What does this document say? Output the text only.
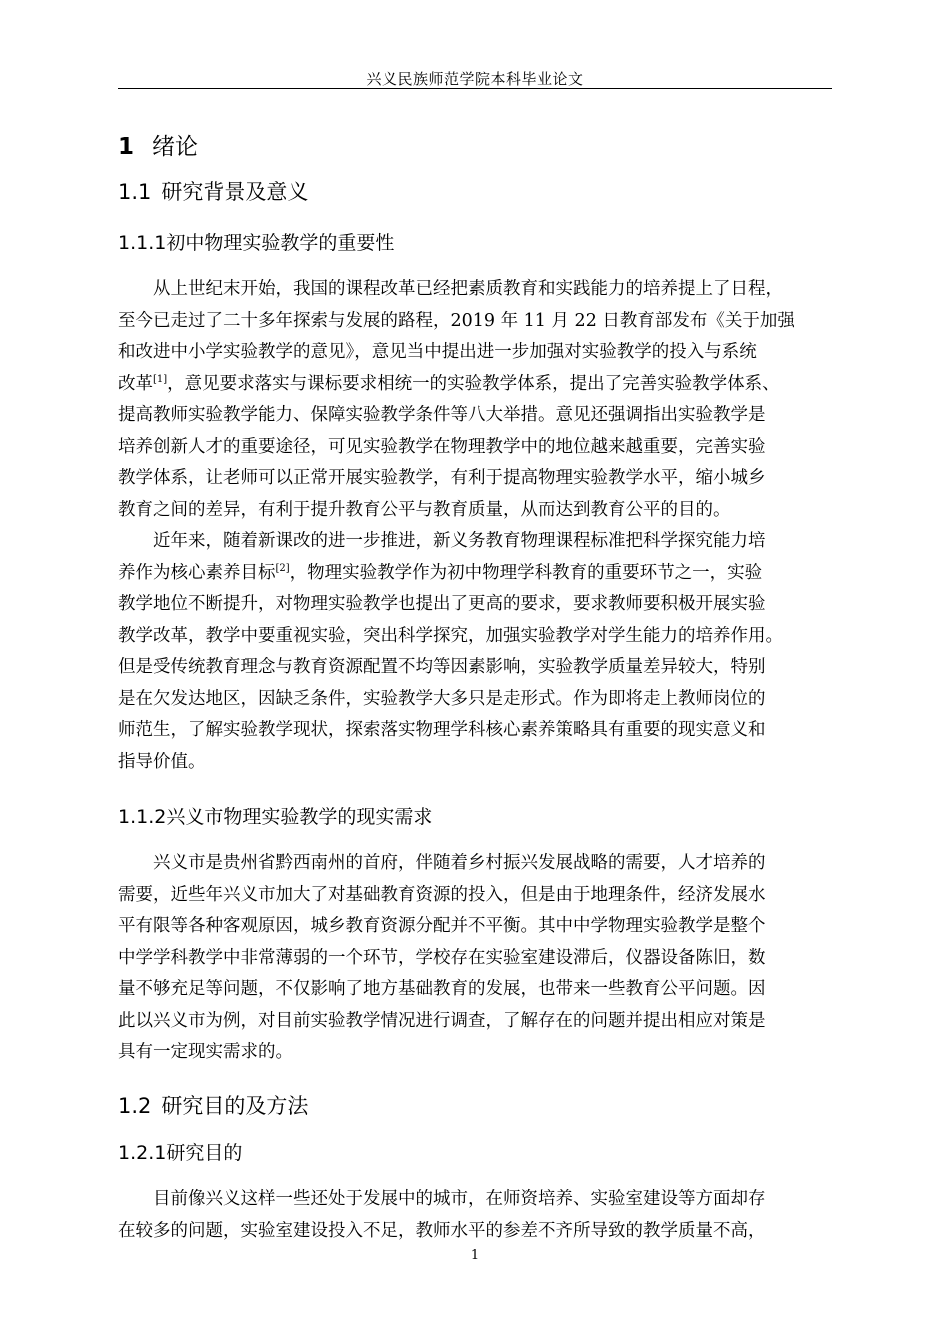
兴义民族师范学院本科毕业论文
1 绪论
1.1 研究背景及意义
1.1.1初中物理实验教学的重要性
从上世纪末开始，我国的课程改革已经把素质教育和实践能力的培养提上了日程，
至今已走过了二十多年探索与发展的路程，2019 年 11 月 22 日教育部发布《关于加强
和改进中小学实验教学的意见》，意见当中提出进一步加强对实验教学的投入与系统
改革[1]，意见要求落实与课标要求相统一的实验教学体系，提出了完善实验教学体系、
提高教师实验教学能力、保障实验教学条件等八大举措。意见还强调指出实验教学是
培养创新人才的重要途径，可见实验教学在物理教学中的地位越来越重要，完善实验
教学体系，让老师可以正常开展实验教学，有利于提高物理实验教学水平，缩小城乡
教育之间的差异，有利于提升教育公平与教育质量，从而达到教育公平的目的。
近年来，随着新课改的进一步推进，新义务教育物理课程标准把科学探究能力培
养作为核心素养目标[2]，物理实验教学作为初中物理学科教育的重要环节之一，实验
教学地位不断提升，对物理实验教学也提出了更高的要求，要求教师要积极开展实验
教学改革，教学中要重视实验，突出科学探究，加强实验教学对学生能力的培养作用。
但是受传统教育理念与教育资源配置不均等因素影响，实验教学质量差异较大，特别
是在欠发达地区，因缺乏条件，实验教学大多只是走形式。作为即将走上教师岗位的
师范生，了解实验教学现状，探索落实物理学科核心素养策略具有重要的现实意义和
指导价值。
1.1.2兴义市物理实验教学的现实需求
兴义市是贵州省黔西南州的首府，伴随着乡村振兴发展战略的需要，人才培养的
需要，近些年兴义市加大了对基础教育资源的投入，但是由于地理条件，经济发展水
平有限等各种客观原因，城乡教育资源分配并不平衡。其中中学物理实验教学是整个
中学学科教学中非常薄弱的一个环节，学校存在实验室建设滞后，仪器设备陈旧，数
量不够充足等问题，不仅影响了地方基础教育的发展，也带来一些教育公平问题。因
此以兴义市为例，对目前实验教学情况进行调查，了解存在的问题并提出相应对策是
具有一定现实需求的。
1.2 研究目的及方法
1.2.1研究目的
目前像兴义这样一些还处于发展中的城市，在师资培养、实验室建设等方面却存
在较多的问题，实验室建设投入不足，教师水平的参差不齐所导致的教学质量不高，
1
